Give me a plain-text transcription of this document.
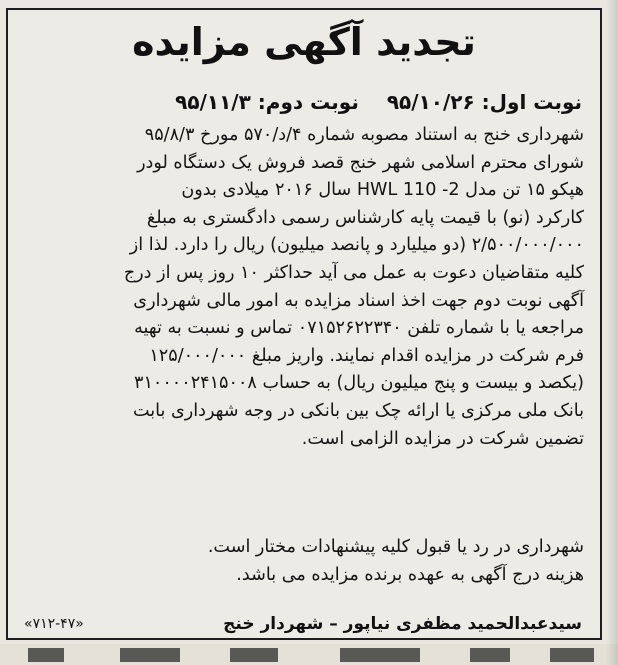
تجدید آگهی مزایده
نوبت اول: ۹۵/۱۰/۲۶
نوبت دوم: ۹۵/۱۱/۳

شهرداری خنج به استناد مصوبه شماره ۴/د/۵۷۰ مورخ ۹۵/۸/۳

شورای محترم اسلامی شهر خنج قصد فروش یک دستگاه لودر

هپکو ۱۵ تن مدل HWL 110 -2 سال ۲۰۱۶ میلادی بدون

کارکرد (نو) با قیمت پایه کارشناس رسمی دادگستری به مبلغ

۲/۵۰۰/۰۰۰/۰۰۰ (دو میلیارد و پانصد میلیون) ریال را دارد. لذا از

کلیه متقاضیان دعوت به عمل می آید حداکثر ۱۰ روز پس از درج

آگهی نوبت دوم جهت اخذ اسناد مزایده به امور مالی شهرداری

مراجعه یا با شماره تلفن ۰۷۱۵۲۶۲۲۳۴۰ تماس و نسبت به تهیه

فرم شرکت در مزایده اقدام نمایند. واریز مبلغ ۱۲۵/۰۰۰/۰۰۰

(یکصد و بیست و پنج میلیون ریال) به حساب ۳۱۰۰۰۰۲۴۱۵۰۰۸

بانک ملی مرکزی یا ارائه چک بین بانکی در وجه شهرداری بابت

تضمین شرکت در مزایده الزامی است.

شهرداری در رد یا قبول کلیه پیشنهادات مختار است.

هزینه درج آگهی به عهده برنده مزایده می باشد.

سیدعبدالحمید مظفری نیاپور – شهردار خنج
«۷۱۲-۴۷»
